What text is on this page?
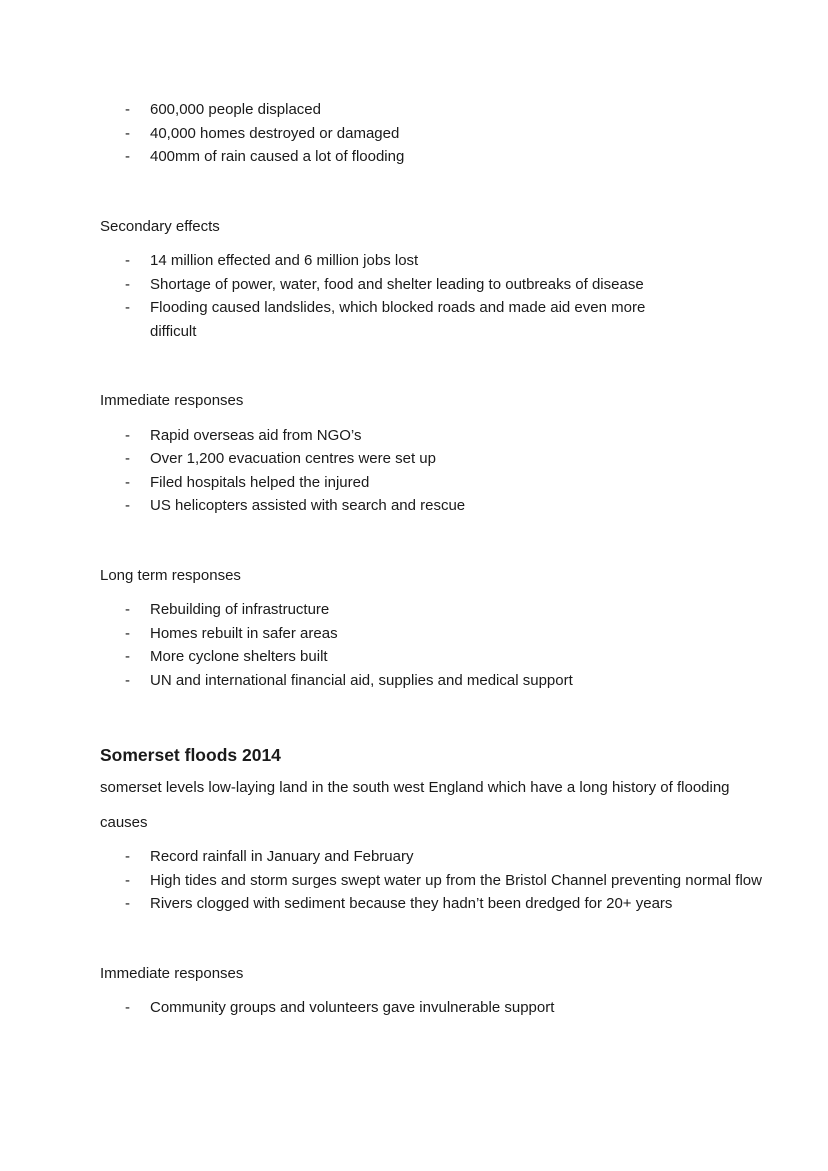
- 600,000 people displaced
- 40,000 homes destroyed or damaged
- 400mm of rain caused a lot of flooding

Secondary effects

- 14 million effected and 6 million jobs lost
- Shortage of power, water, food and shelter leading to outbreaks of disease
- Flooding caused landslides, which blocked roads and made aid even more difficult

Immediate responses

- Rapid overseas aid from NGO’s
- Over 1,200 evacuation centres were set up
- Filed hospitals helped the injured
- US helicopters assisted with search and rescue

Long term responses

- Rebuilding of infrastructure
- Homes rebuilt in safer areas
- More cyclone shelters built
- UN and international financial aid, supplies and medical support
Somerset floods 2014

somerset levels low-laying land in the south west England which have a long history of flooding

causes

- Record rainfall in January and February
- High tides and storm surges swept water up from the Bristol Channel preventing normal flow
- Rivers clogged with sediment because they hadn’t been dredged for 20+ years

Immediate responses

- Community groups and volunteers gave invulnerable support
